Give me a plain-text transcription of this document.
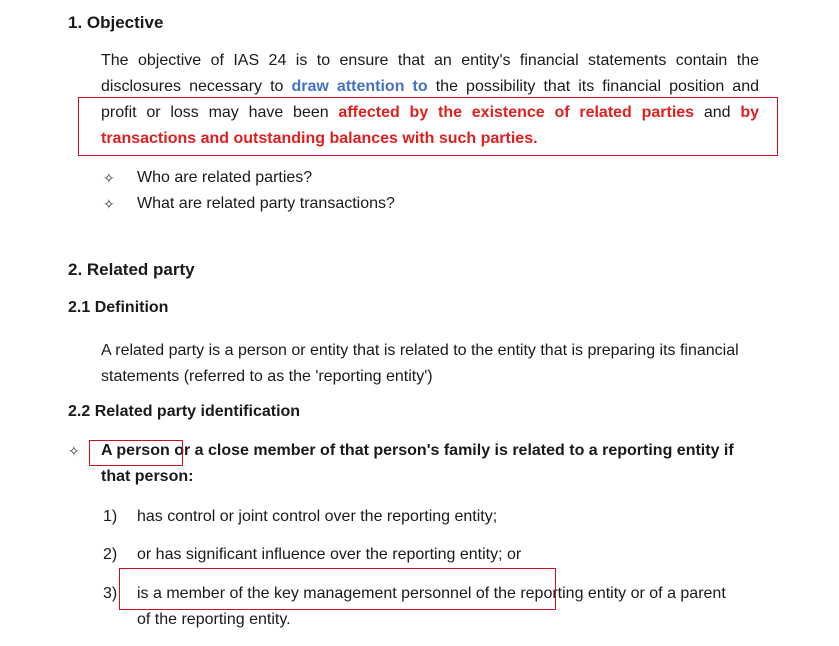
1. Objective
The objective of IAS 24 is to ensure that an entity's financial statements contain the
disclosures necessary to draw attention to the possibility that its financial position and
profit or loss may have been affected by the existence of related parties and by
transactions and outstanding balances with such parties.
✧ Who are related parties?
✧ What are related party transactions?
2. Related party
2.1 Definition
A related party is a person or entity that is related to the entity that is preparing its financial
statements (referred to as the 'reporting entity')
2.2 Related party identification
✧ A person or a close member of that person's family is related to a reporting entity if
that person:
1) has control or joint control over the reporting entity;
2) or has significant influence over the reporting entity; or
3) is a member of the key management personnel of the reporting entity or of a parent
of the reporting entity.
